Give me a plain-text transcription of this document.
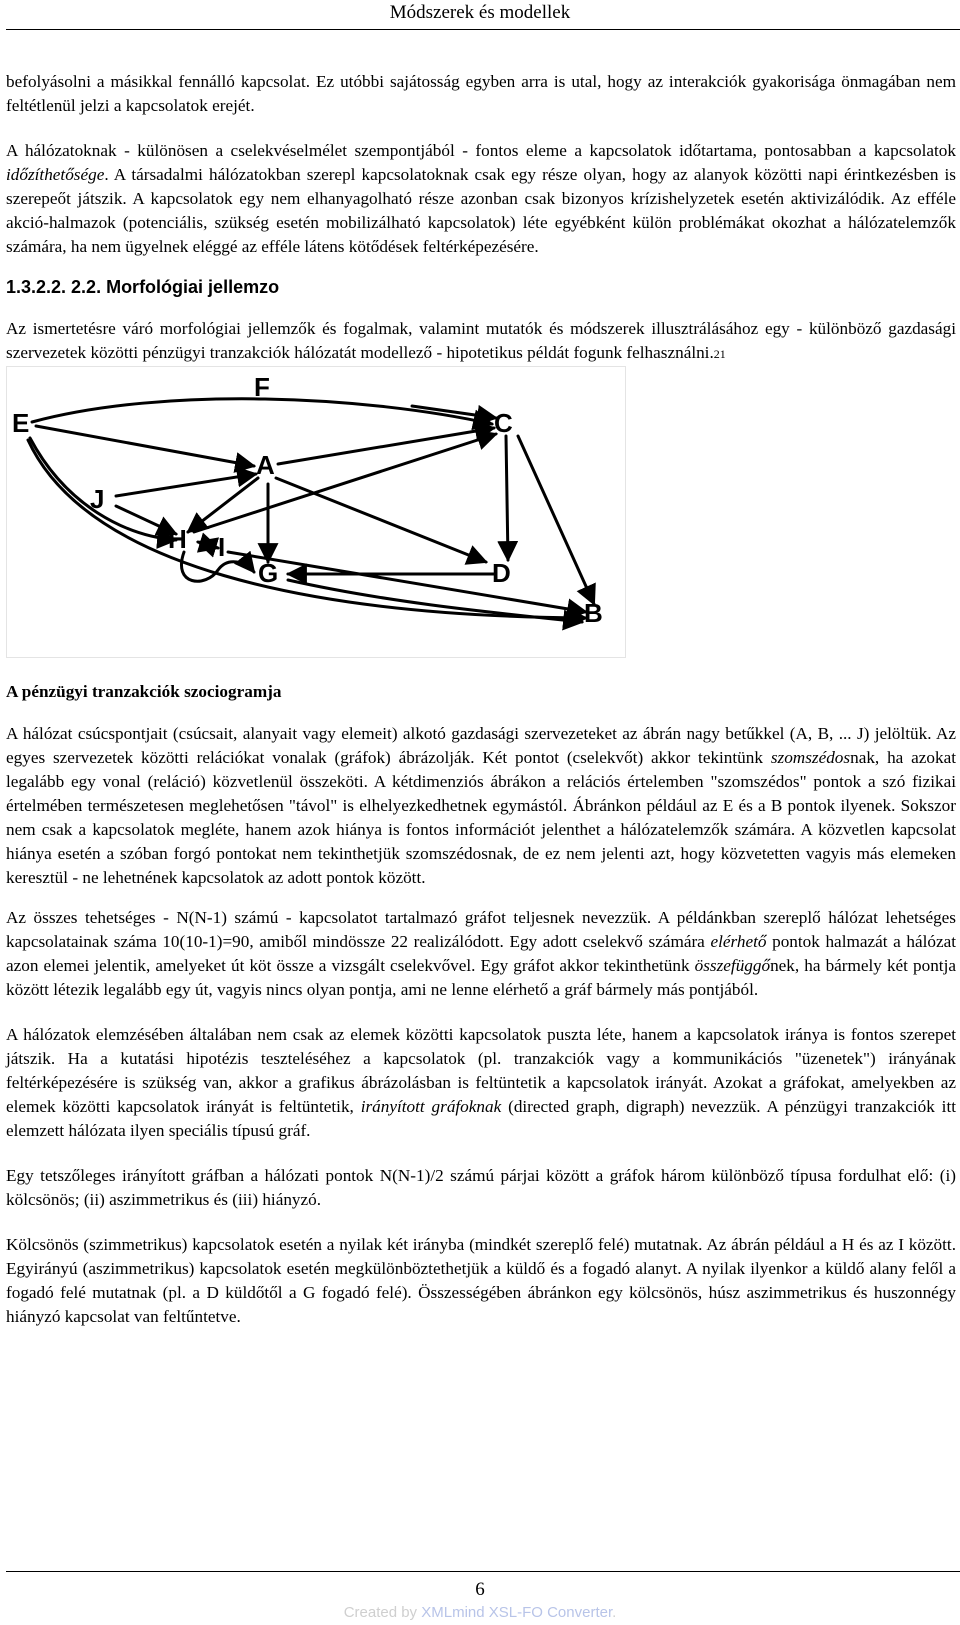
Módszerek és modellek

befolyásolni a másikkal fennálló kapcsolat. Ez utóbbi sajátosság egyben arra is utal, hogy az interakciók gyakorisága önmagában nem feltétlenül jelzi a kapcsolatok erejét.

A hálózatoknak - különösen a cselekvéselmélet szempontjából - fontos eleme a kapcsolatok időtartama, pontosabban a kapcsolatok időzíthetősége. A társadalmi hálózatokban szerepl kapcsolatoknak csak egy része olyan, hogy az alanyok közötti napi érintkezésben is szerepeőt játszik. A kapcsolatok egy nem elhanyagolható része azonban csak bizonyos krízishelyzetek esetén aktivizálódik. Az efféle akció-halmazok (potenciális, szükség esetén mobilizálható kapcsolatok) léte egyébként külön problémákat okozhat a hálózatelemzők számára, ha nem ügyelnek eléggé az efféle látens kötődések feltérképezésére.

1.3.2.2. 2.2. Morfológiai jellemzo

Az ismertetésre váró morfológiai jellemzők és fogalmak, valamint mutatók és módszerek illusztrálásához egy - különböző gazdasági szervezetek közötti pénzügyi tranzakciók hálózatát modellező - hipotetikus példát fogunk felhasználni.21

F
E
A
C
J
H I
G	D
B
A pénzügyi tranzakciók szociogramja

A hálózat csúcspontjait (csúcsait, alanyait vagy elemeit) alkotó gazdasági szervezeteket az ábrán nagy betűkkel (A, B, ... J) jelöltük. Az egyes szervezetek közötti relációkat vonalak (gráfok) ábrázolják. Két pontot (cselekvőt) akkor tekintünk szomszédosnak, ha azokat legalább egy vonal (reláció) közvetlenül összeköti. A kétdimenziós ábrákon a relációs értelemben "szomszédos" pontok a szó fizikai értelmében természetesen meglehetősen "távol" is elhelyezkedhetnek egymástól. Ábránkon például az E és a B pontok ilyenek. Sokszor nem csak a kapcsolatok megléte, hanem azok hiánya is fontos információt jelenthet a hálózatelemzők számára. A közvetlen kapcsolat hiánya esetén a szóban forgó pontokat nem tekinthetjük szomszédosnak, de ez nem jelenti azt, hogy közvetetten vagyis más elemeken keresztül - ne lehetnének kapcsolatok az adott pontok között.

Az összes tehetséges - N(N-1) számú - kapcsolatot tartalmazó gráfot teljesnek nevezzük. A példánkban szereplő hálózat lehetséges kapcsolatainak száma 10(10-1)=90, amiből mindössze 22 realizálódott. Egy adott cselekvő számára elérhető pontok halmazát a hálózat azon elemei jelentik, amelyeket út köt össze a vizsgált cselekvővel. Egy gráfot akkor tekinthetünk összefüggőnek, ha bármely két pontja között létezik legalább egy út, vagyis nincs olyan pontja, ami ne lenne elérhető a gráf bármely más pontjából.

A hálózatok elemzésében általában nem csak az elemek közötti kapcsolatok puszta léte, hanem a kapcsolatok iránya is fontos szerepet játszik. Ha a kutatási hipotézis teszteléséhez a kapcsolatok (pl. tranzakciók vagy a kommunikációs "üzenetek") irányának feltérképezésére is szükség van, akkor a grafikus ábrázolásban is feltüntetik a kapcsolatok irányát. Azokat a gráfokat, amelyekben az elemek közötti kapcsolatok irányát is feltüntetik, irányított gráfoknak (directed graph, digraph) nevezzük. A pénzügyi tranzakciók itt elemzett hálózata ilyen speciális típusú gráf.

Egy tetszőleges irányított gráfban a hálózati pontok N(N-1)/2 számú párjai között a gráfok három különböző típusa fordulhat elő: (i) kölcsönös; (ii) aszimmetrikus és (iii) hiányzó.

Kölcsönös (szimmetrikus) kapcsolatok esetén a nyilak két irányba (mindkét szereplő felé) mutatnak. Az ábrán például a H és az I között. Egyirányú (aszimmetrikus) kapcsolatok esetén megkülönböztethetjük a küldő és a fogadó alanyt. A nyilak ilyenkor a küldő alany felől a fogadó felé mutatnak (pl. a D küldőtől a G fogadó felé). Összességében ábránkon egy kölcsönös, húsz aszimmetrikus és huszonnégy hiányzó kapcsolat van feltűntetve.

6
Created by XMLmind XSL-FO Converter.
